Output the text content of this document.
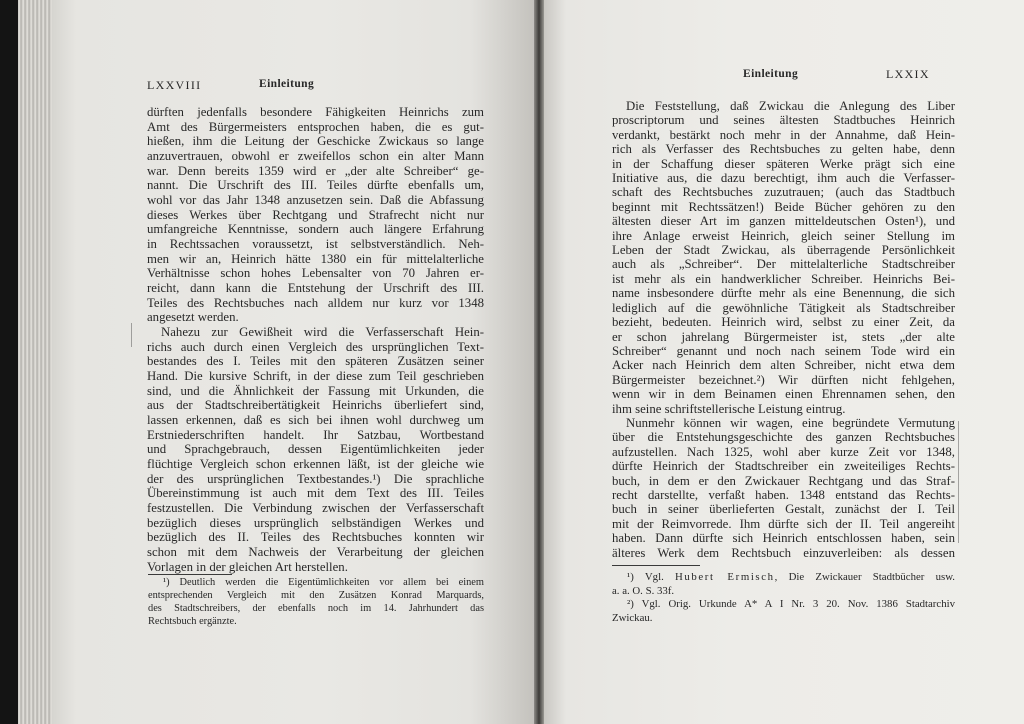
LXXVIII	Einleitung
Einleitung	LXXIX
dürften jedenfalls besondere Fähigkeiten Heinrichs zum
Amt des Bürgermeisters entsprochen haben, die es gut-
hießen, ihm die Leitung der Geschicke Zwickaus so lange
anzuvertrauen, obwohl er zweifellos schon ein alter Mann
war. Denn bereits 1359 wird er „der alte Schreiber“ ge-
nannt. Die Urschrift des III. Teiles dürfte ebenfalls um,
wohl vor das Jahr 1348 anzusetzen sein. Daß die Abfassung
dieses Werkes über Rechtgang und Strafrecht nicht nur
umfangreiche Kenntnisse, sondern auch längere Erfahrung
in Rechtssachen voraussetzt, ist selbstverständlich. Neh-
men wir an, Heinrich hätte 1380 ein für mittelalterliche
Verhältnisse schon hohes Lebensalter von 70 Jahren er-
reicht, dann kann die Entstehung der Urschrift des III.
Teiles des Rechtsbuches nach alldem nur kurz vor 1348
angesetzt werden.
Nahezu zur Gewißheit wird die Verfasserschaft Hein-
richs auch durch einen Vergleich des ursprünglichen Text-
bestandes des I. Teiles mit den späteren Zusätzen seiner
Hand. Die kursive Schrift, in der diese zum Teil geschrieben
sind, und die Ähnlichkeit der Fassung mit Urkunden, die
aus der Stadtschreibertätigkeit Heinrichs überliefert sind,
lassen erkennen, daß es sich bei ihnen wohl durchweg um
Erstniederschriften handelt. Ihr Satzbau, Wortbestand
und Sprachgebrauch, dessen Eigentümlichkeiten jeder
flüchtige Vergleich schon erkennen läßt, ist der gleiche wie
der des ursprünglichen Textbestandes.¹) Die sprachliche
Übereinstimmung ist auch mit dem Text des III. Teiles
festzustellen. Die Verbindung zwischen der Verfasserschaft
bezüglich dieses ursprünglich selbständigen Werkes und
bezüglich des II. Teiles des Rechtsbuches konnten wir
schon mit dem Nachweis der Verarbeitung der gleichen
Vorlagen in der gleichen Art herstellen.
Die Feststellung, daß Zwickau die Anlegung des Liber
proscriptorum und seines ältesten Stadtbuches Heinrich
verdankt, bestärkt noch mehr in der Annahme, daß Hein-
rich als Verfasser des Rechtsbuches zu gelten habe, denn
in der Schaffung dieser späteren Werke prägt sich eine
Initiative aus, die dazu berechtigt, ihm auch die Verfasser-
schaft des Rechtsbuches zuzutrauen; (auch das Stadtbuch
beginnt mit Rechtssätzen!) Beide Bücher gehören zu den
ältesten dieser Art im ganzen mitteldeutschen Osten¹), und
ihre Anlage erweist Heinrich, gleich seiner Stellung im
Leben der Stadt Zwickau, als überragende Persönlichkeit
auch als „Schreiber“. Der mittelalterliche Stadtschreiber
ist mehr als ein handwerklicher Schreiber. Heinrichs Bei-
name insbesondere dürfte mehr als eine Benennung, die sich
lediglich auf die gewöhnliche Tätigkeit als Stadtschreiber
bezieht, bedeuten. Heinrich wird, selbst zu einer Zeit, da
er schon jahrelang Bürgermeister ist, stets „der alte
Schreiber“ genannt und noch nach seinem Tode wird ein
Acker nach Heinrich dem alten Schreiber, nicht etwa dem
Bürgermeister bezeichnet.²) Wir dürften nicht fehlgehen,
wenn wir in dem Beinamen einen Ehrennamen sehen, den
ihm seine schriftstellerische Leistung eintrug.
Nunmehr können wir wagen, eine begründete Vermutung
über die Entstehungsgeschichte des ganzen Rechtsbuches
aufzustellen. Nach 1325, wohl aber kurze Zeit vor 1348,
dürfte Heinrich der Stadtschreiber ein zweiteiliges Rechts-
buch, in dem er den Zwickauer Rechtgang und das Straf-
recht darstellte, verfaßt haben. 1348 entstand das Rechts-
buch in seiner überlieferten Gestalt, zunächst der I. Teil
mit der Reimvorrede. Ihm dürfte sich der II. Teil angereiht
haben. Dann dürfte sich Heinrich entschlossen haben, sein
älteres Werk dem Rechtsbuch einzuverleiben: als dessen
¹) Deutlich werden die Eigentümlichkeiten vor allem bei einem
entsprechenden Vergleich mit den Zusätzen Konrad Marquards,
des Stadtschreibers, der ebenfalls noch im 14. Jahrhundert das
Rechtsbuch ergänzte.
¹) Vgl. Hubert Ermisch, Die Zwickauer Stadtbücher usw.
a. a. O. S. 33f.
²) Vgl. Orig. Urkunde A* A I Nr. 3 20. Nov. 1386 Stadtarchiv
Zwickau.
